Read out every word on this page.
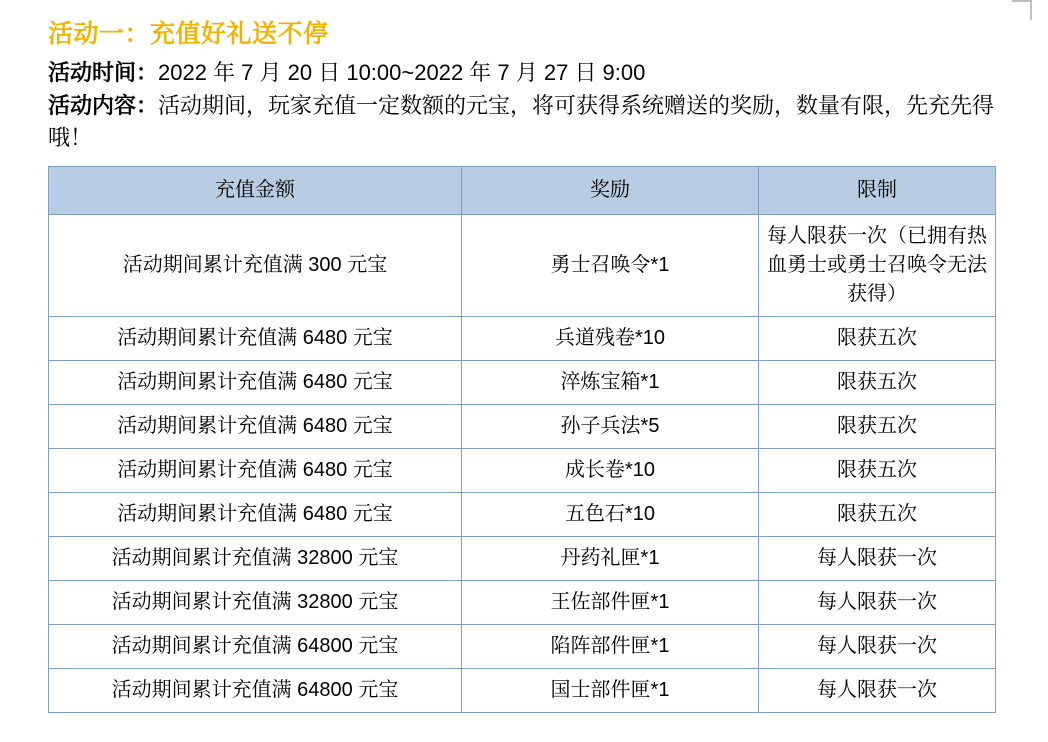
活动一：充值好礼送不停

活动时间：2022 年 7 月 20 日 10:00~2022 年 7 月 27 日 9:00

活动内容：活动期间，玩家充值一定数额的元宝，将可获得系统赠送的奖励，数量有限，先充先得哦！

充值金额	奖励	限制
活动期间累计充值满 300 元宝	勇士召唤令*1	每人限获一次（已拥有热血勇士或勇士召唤令无法获得）
活动期间累计充值满 6480 元宝	兵道残卷*10	限获五次
活动期间累计充值满 6480 元宝	淬炼宝箱*1	限获五次
活动期间累计充值满 6480 元宝	孙子兵法*5	限获五次
活动期间累计充值满 6480 元宝	成长卷*10	限获五次
活动期间累计充值满 6480 元宝	五色石*10	限获五次
活动期间累计充值满 32800 元宝	丹药礼匣*1	每人限获一次
活动期间累计充值满 32800 元宝	王佐部件匣*1	每人限获一次
活动期间累计充值满 64800 元宝	陷阵部件匣*1	每人限获一次
活动期间累计充值满 64800 元宝	国士部件匣*1	每人限获一次
